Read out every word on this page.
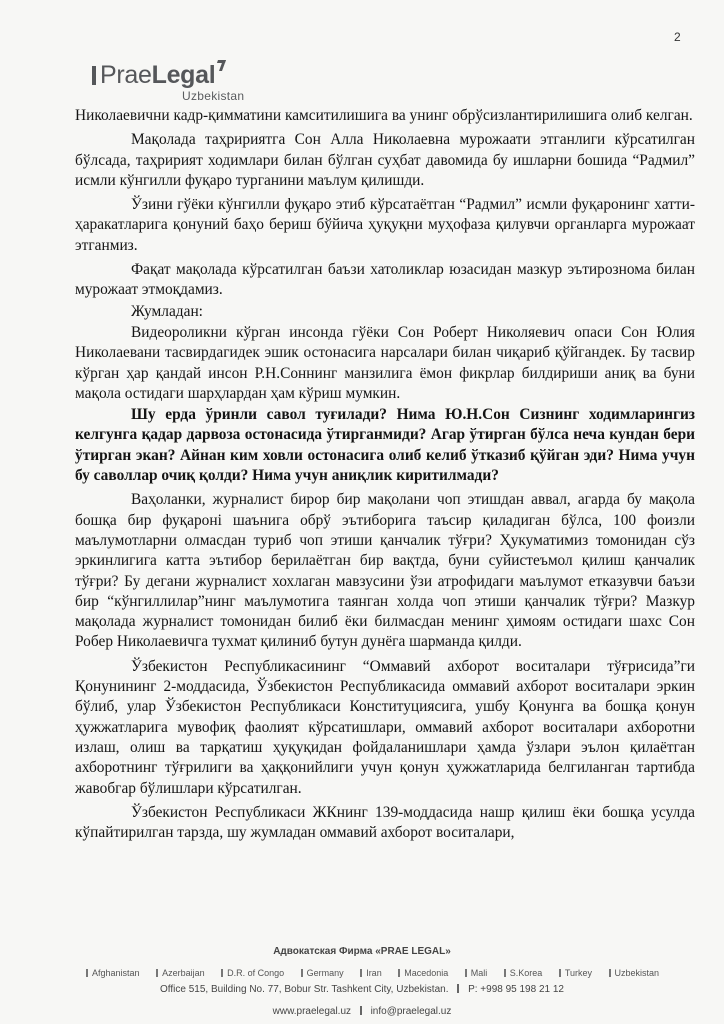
2
PraeLegal
Uzbekistan

Николаевични кадр-қимматини камситилишига ва унинг обрўсизлантирилишига олиб келган.

Мақолада таҳририятга Сон Алла Николаевна мурожаати этганлиги кўрсатилган бўлсада, таҳририят ходимлари билан бўлган суҳбат давомида бу ишларни бошида “Радмил” исмли кўнгилли фуқаро турганини маълум қилишди.

Ўзини гўёки кўнгилли фуқаро этиб кўрсатаётган “Радмил” исмли фуқаронинг хатти-ҳаракатларига қонуний баҳо бериш бўйича ҳуқуқни муҳофаза қилувчи органларга мурожаат этганмиз.

Фақат мақолада кўрсатилган баъзи хатоликлар юзасидан мазкур эътирознома билан мурожаат этмоқдамиз.

Жумладан:

Видеороликни кўрган инсонда гўёки Сон Роберт Николяевич опаси Сон Юлия Николаевани тасвирдагидек эшик остонасига нарсалари билан чиқариб қўйгандек. Бу тасвир кўрган ҳар қандай инсон Р.Н.Соннинг манзилига ёмон фикрлар билдириши аниқ ва буни мақола остидаги шарҳлардан ҳам кўриш мумкин.

Шу ерда ўринли савол туғилади? Нима Ю.Н.Сон Сизнинг ходимларингиз келгунга қадар дарвоза остонасида ўтирганмиди? Агар ўтирган бўлса неча кундан бери ўтирган экан? Айнан ким ховли остонасига олиб келиб ўтказиб қўйган эди? Нима учун бу саволлар очиқ қолди? Нима учун аниқлик киритилмади?

Ваҳоланки, журналист бирор бир мақолани чоп этишдан аввал, агарда бу мақола бошқа бир фуқароні шаънига обрў эътиборига таъсир қиладиган бўлса, 100 фоизли маълумотларни олмасдан туриб чоп этиши қанчалик тўғри? Ҳукуматимиз томонидан сўз эркинлигига катта эътибор берилаётган бир вақтда, буни суйистеъмол қилиш қанчалик тўғри? Бу дегани журналист хохлаган мавзусини ўзи атрофидаги маълумот етказувчи баъзи бир “кўнгиллилар”нинг маълумотига таянган холда чоп этиши қанчалик тўғри? Мазкур мақолада журналист томонидан билиб ёки билмасдан менинг ҳимоям остидаги шахс Сон Робер Николаевичга тухмат қилиниб бутун дунёга шарманда қилди.

Ўзбекистон Республикасининг “Оммавий ахборот воситалари тўғрисида”ги Қонунининг 2-моддасида, Ўзбекистон Республикасида оммавий ахборот воситалари эркин бўлиб, улар Ўзбекистон Республикаси Конституциясига, ушбу Қонунга ва бошқа қонун ҳужжатларига мувофиқ фаолият кўрсатишлари, оммавий ахборот воситалари ахборотни излаш, олиш ва тарқатиш ҳуқуқидан фойдаланишлари ҳамда ўзлари эълон қилаётган ахборотнинг тўғрилиги ва ҳаққонийлиги учун қонун ҳужжатларида белгиланган тартибда жавобгар бўлишлари кўрсатилган.

Ўзбекистон Республикаси ЖКнинг 139-моддасида нашр қилиш ёки бошқа усулда кўпайтирилган тарзда, шу жумладан оммавий ахборот воситалари,

Адвокатская Фирма «PRAE LEGAL»
Afghanistan	Azerbaijan	D.R. of Congo	Germany	Iran	Macedonia	Mali	S.Korea	Turkey	Uzbekistan
Office 515, Building No. 77, Bobur Str. Tashkent City, Uzbekistan. P: +998 95 198 21 12
www.praelegal.uz info@praelegal.uz
